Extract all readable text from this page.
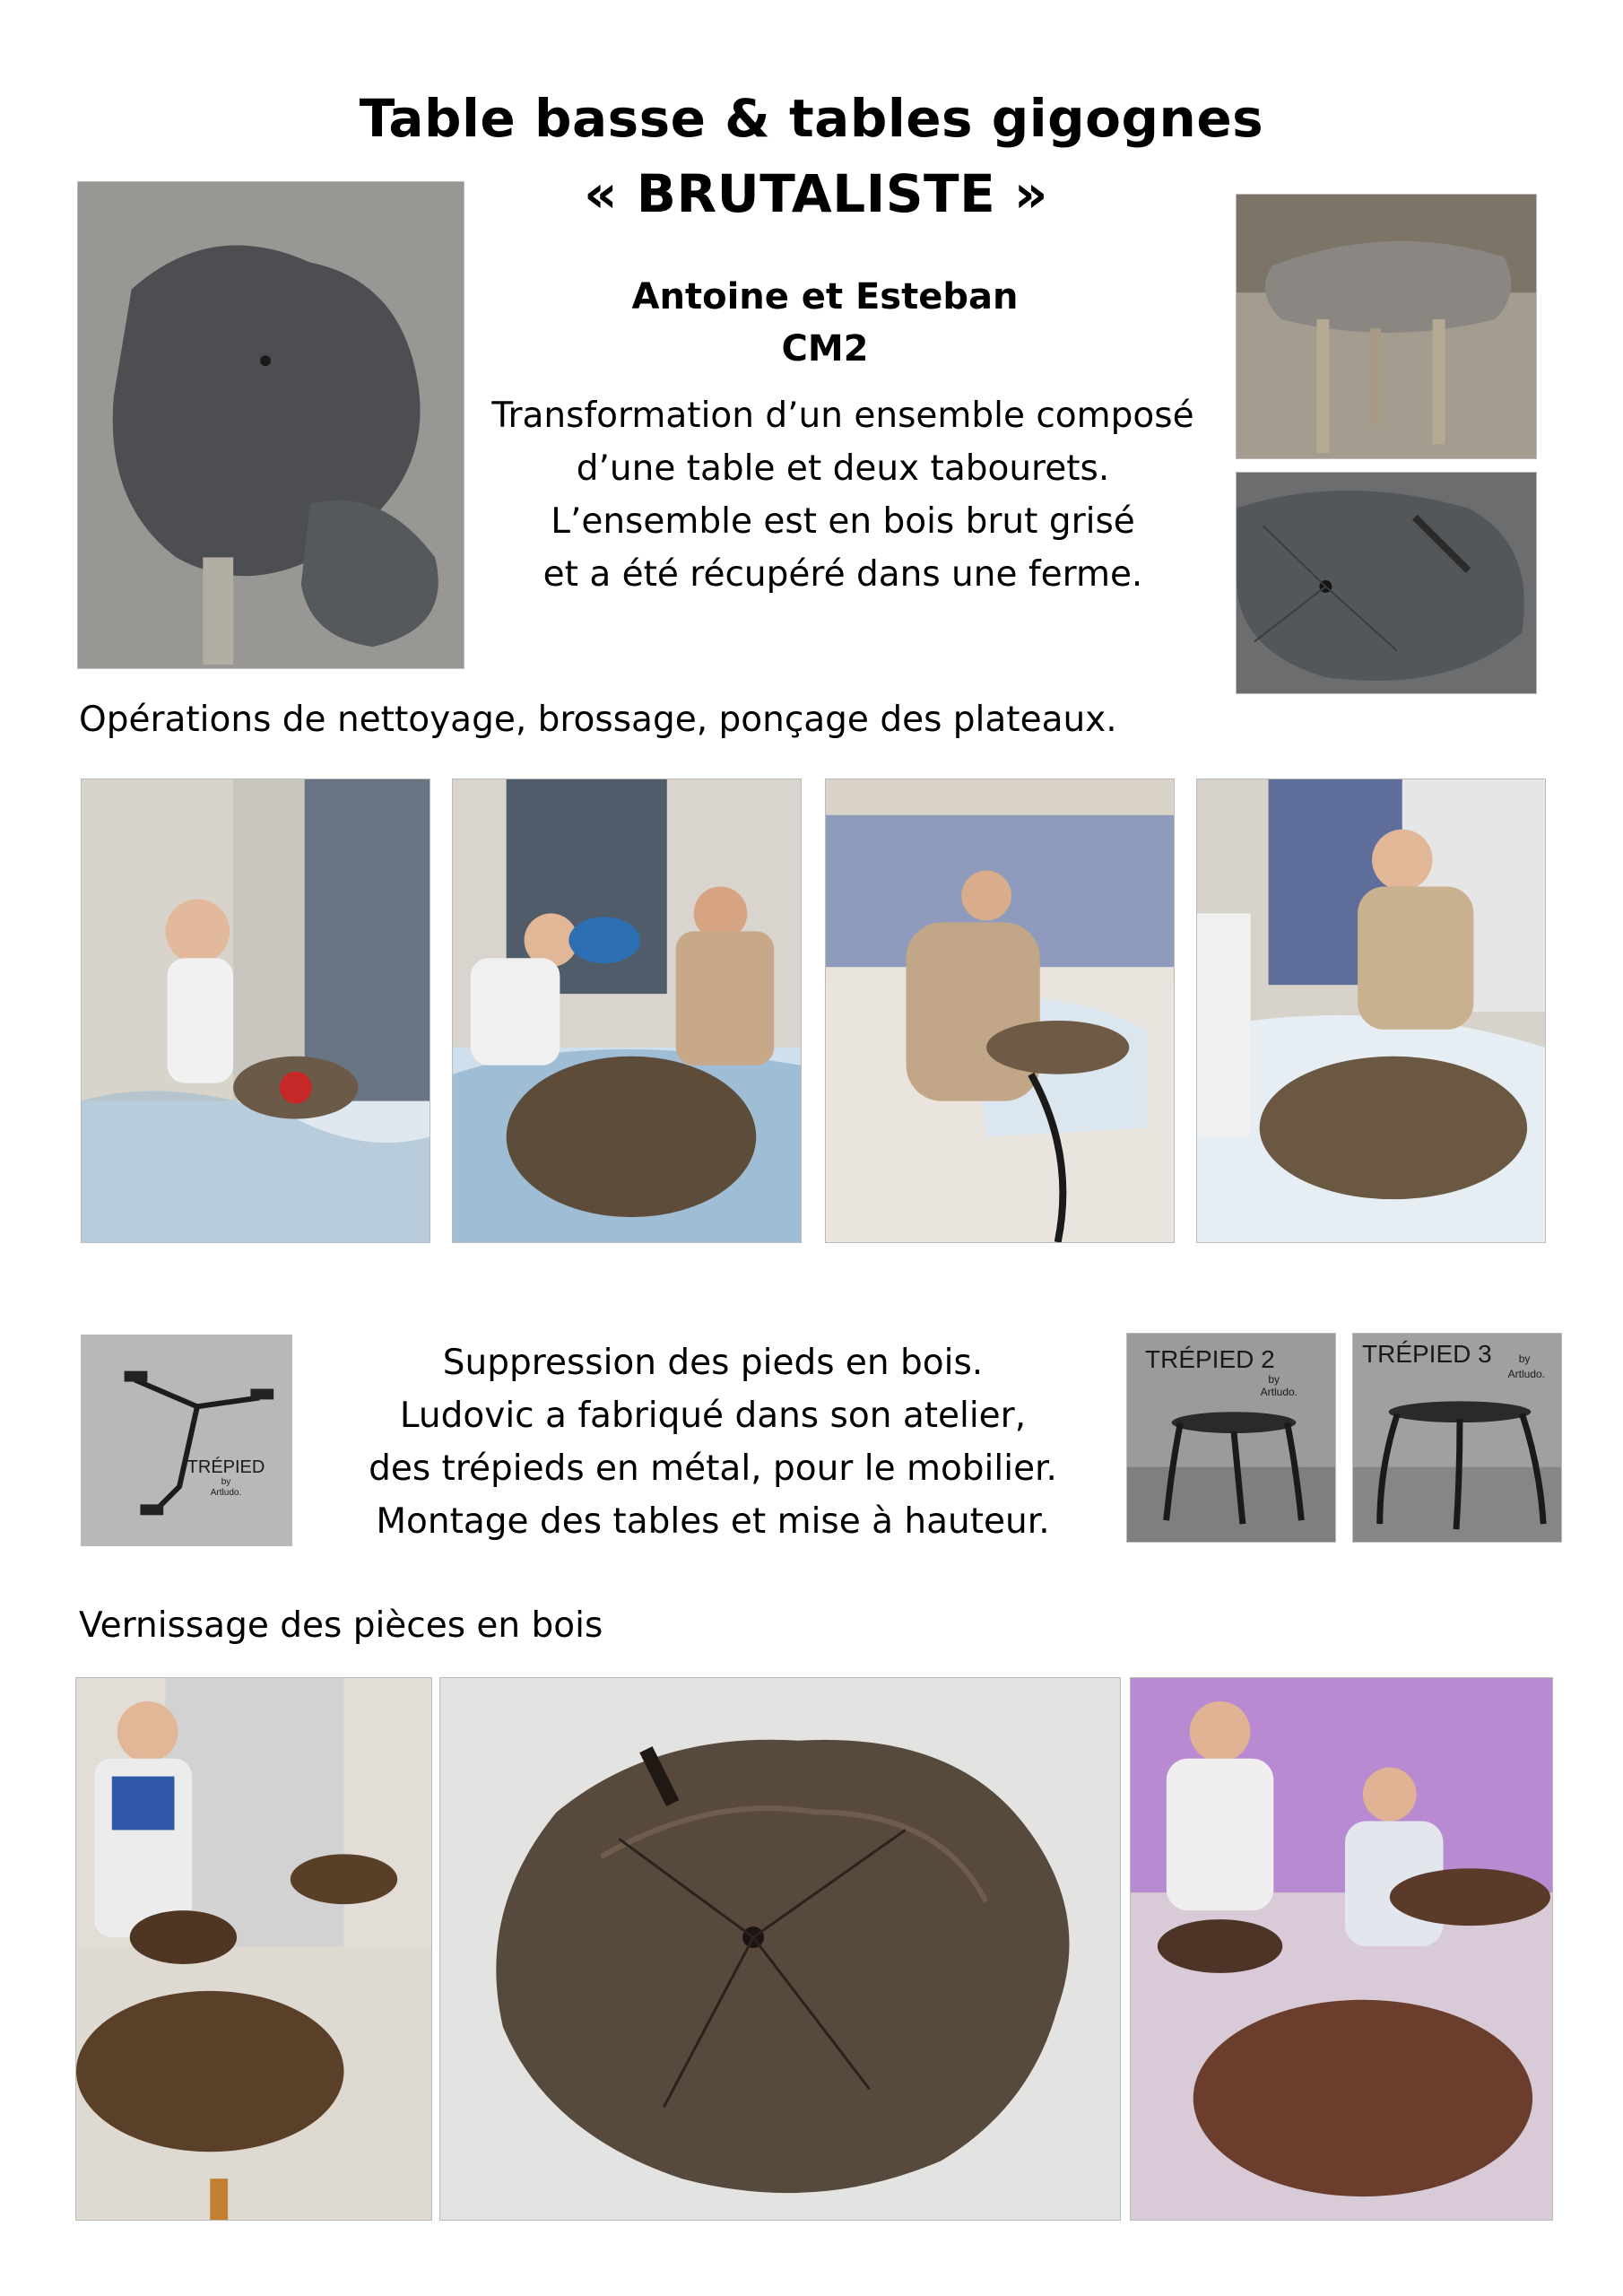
Table basse & tables gigognes
« BRUTALISTE »
Antoine et Esteban
CM2
Transformation d’un ensemble composé
d’une table et deux tabourets.
L’ensemble est en bois brut grisé
et a été récupéré dans une ferme.
Opérations de nettoyage, brossage, ponçage des plateaux.
TRÉPIED
by
Artludo.
Suppression des pieds en bois.
Ludovic a fabriqué dans son atelier,
des trépieds en métal, pour le mobilier.
Montage des tables et mise à hauteur.
TRÉPIED 2
by
Artludo.
TRÉPIED 3	by
Artludo.
Vernissage des pièces en bois
